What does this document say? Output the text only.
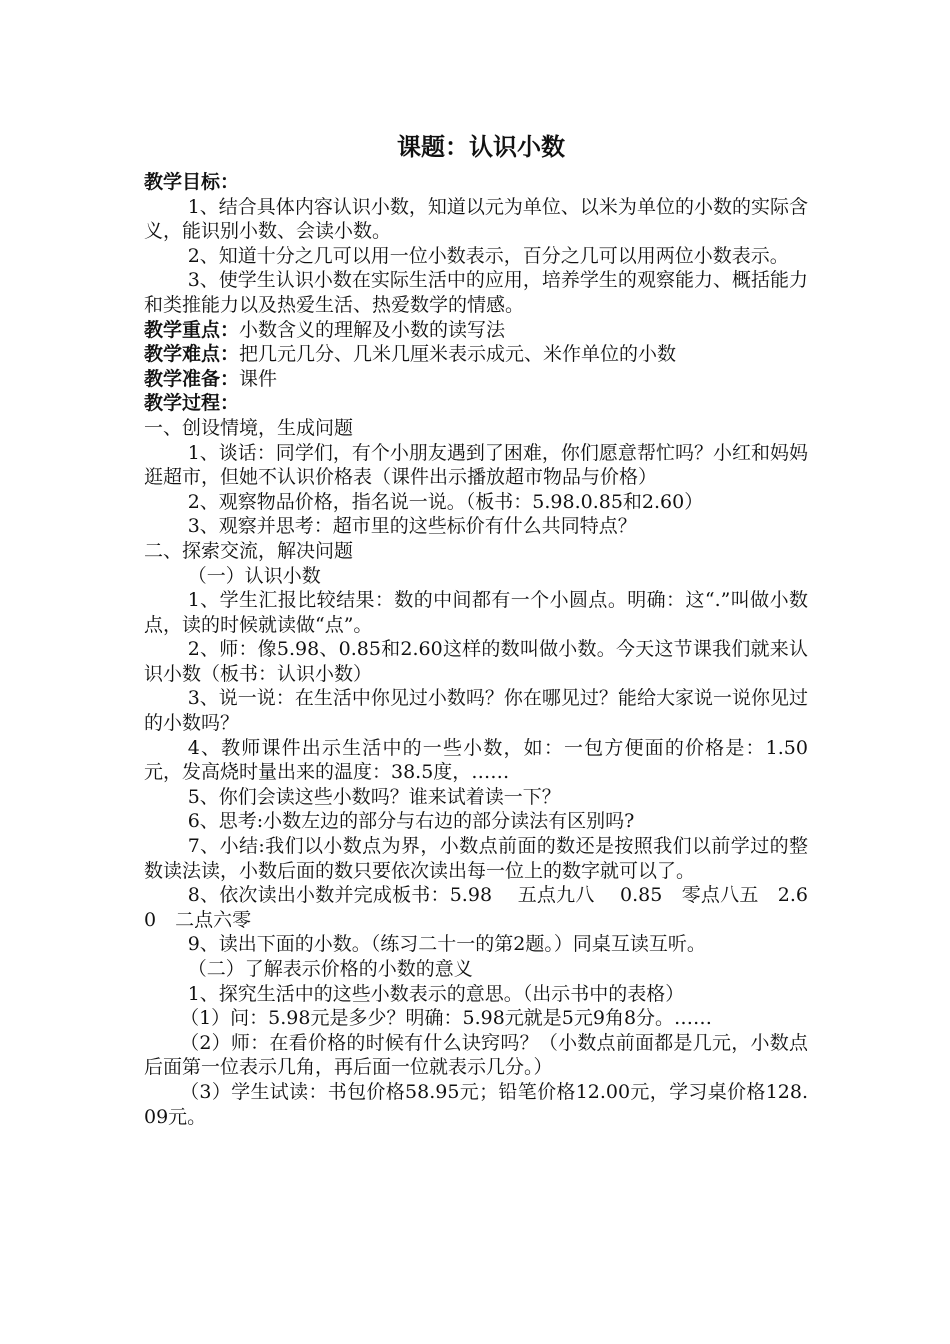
课题：认识小数

教学目标：

1、结合具体内容认识小数，知道以元为单位、以米为单位的小数的实际含义，能识别小数、会读小数。

2、知道十分之几可以用一位小数表示，百分之几可以用两位小数表示。

3、使学生认识小数在实际生活中的应用，培养学生的观察能力、概括能力和类推能力以及热爱生活、热爱数学的情感。

教学重点：小数含义的理解及小数的读写法

教学难点：把几元几分、几米几厘米表示成元、米作单位的小数

教学准备：课件

教学过程：

一、创设情境，生成问题

1、谈话：同学们，有个小朋友遇到了困难，你们愿意帮忙吗？小红和妈妈逛超市，但她不认识价格表（课件出示播放超市物品与价格）

2、观察物品价格，指名说一说。（板书：5.98.0.85和2.60）

3、观察并思考：超市里的这些标价有什么共同特点？

二、探索交流，解决问题

（一）认识小数

1、学生汇报比较结果：数的中间都有一个小圆点。明确：这“.”叫做小数点，读的时候就读做“点”。

2、师：像5.98、0.85和2.60这样的数叫做小数。今天这节课我们就来认识小数（板书：认识小数）

3、说一说：在生活中你见过小数吗？你在哪见过？能给大家说一说你见过的小数吗？

4、教师课件出示生活中的一些小数，如：一包方便面的价格是：1.50元，发高烧时量出来的温度：38.5度，……

5、你们会读这些小数吗？谁来试着读一下？

6、思考:小数左边的部分与右边的部分读法有区别吗?

7、小结:我们以小数点为界，小数点前面的数还是按照我们以前学过的整数读法读，小数后面的数只要依次读出每一位上的数字就可以了。

8、依次读出小数并完成板书：5.98　 五点九八　 0.85　零点八五　2.60　二点六零

9、读出下面的小数。（练习二十一的第2题。）同桌互读互听。

（二）了解表示价格的小数的意义

1、探究生活中的这些小数表示的意思。（出示书中的表格）

（1）问：5.98元是多少？明确：5.98元就是5元9角8分。……

（2）师：在看价格的时候有什么诀窍吗？（小数点前面都是几元，小数点后面第一位表示几角，再后面一位就表示几分。）

（3）学生试读：书包价格58.95元；铅笔价格12.00元，学习桌价格128.09元。
